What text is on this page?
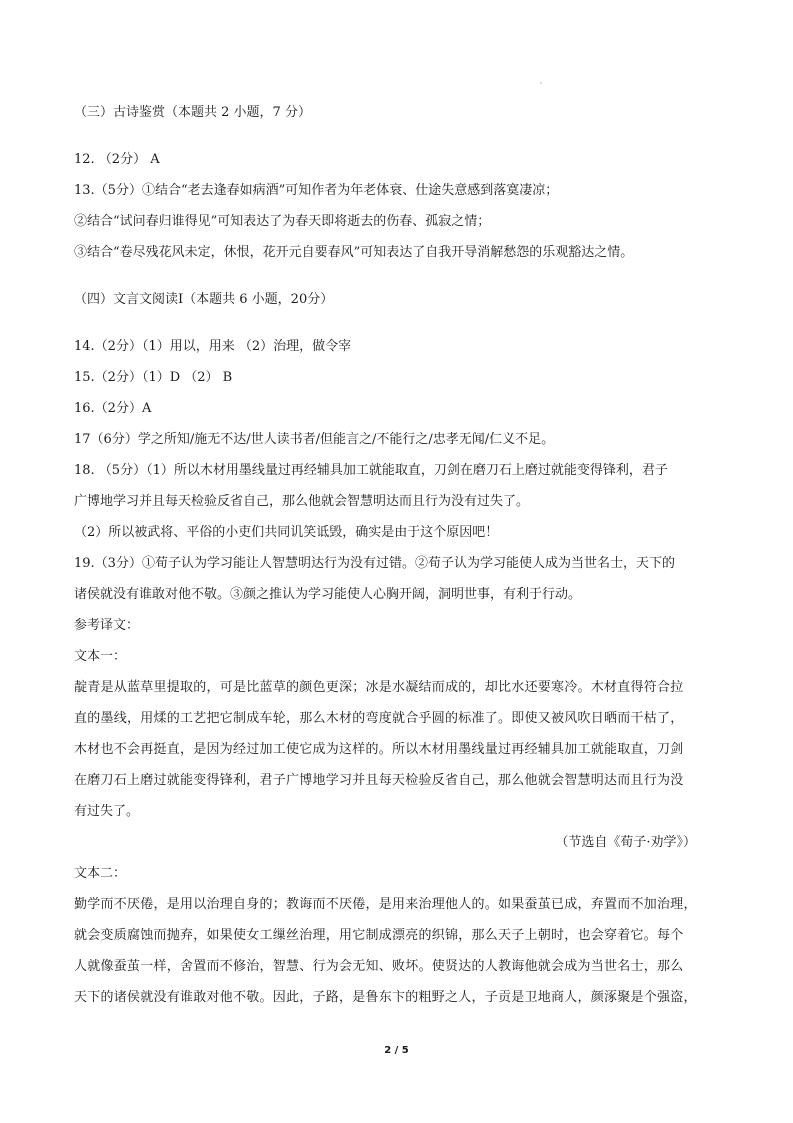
（三）古诗鉴赏（本题共 2 小题，7 分）
12. （2分） A
13.（5分）①结合“老去逢春如病酒”可知作者为年老体衰、仕途失意感到落寞凄凉；
②结合“试问春归谁得见”可知表达了为春天即将逝去的伤春、孤寂之情；
③结合“卷尽残花风未定，休恨，花开元自要春风”可知表达了自我开导消解愁怨的乐观豁达之情。
（四）文言文阅读Ⅰ（本题共 6 小题，20分）
14.（2分）（1）用以，用来 （2）治理，做令宰
15.（2分）（1）D （2） B
16.（2分）A
17（6分）学之所知/施无不达/世人读书者/但能言之/不能行之/忠孝无闻/仁义不足。
18. （5分）（1）所以木材用墨线量过再经辅具加工就能取直，刀剑在磨刀石上磨过就能变得锋利，君子
广博地学习并且每天检验反省自己，那么他就会智慧明达而且行为没有过失了。
（2）所以被武将、平俗的小吏们共同讥笑诋毁，确实是由于这个原因吧！
19.（3分）①荀子认为学习能让人智慧明达行为没有过错。②荀子认为学习能使人成为当世名士，天下的
诸侯就没有谁敢对他不敬。③颜之推认为学习能使人心胸开阔，洞明世事，有利于行动。
参考译文：
文本一：
靛青是从蓝草里提取的，可是比蓝草的颜色更深；冰是水凝结而成的，却比水还要寒冷。木材直得符合拉
直的墨线，用煣的工艺把它制成车轮，那么木材的弯度就合乎圆的标准了。即使又被风吹日晒而干枯了，
木材也不会再挺直，是因为经过加工使它成为这样的。所以木材用墨线量过再经辅具加工就能取直，刀剑
在磨刀石上磨过就能变得锋利，君子广博地学习并且每天检验反省自己，那么他就会智慧明达而且行为没
有过失了。
（节选自《荀子·劝学》）
文本二：
勤学而不厌倦，是用以治理自身的；教诲而不厌倦，是用来治理他人的。如果蚕茧已成，弃置而不加治理，
就会变质腐蚀而抛弃，如果使女工缫丝治理，用它制成漂亮的织锦，那么天子上朝时，也会穿着它。每个
人就像蚕茧一样，舍置而不修治，智慧、行为会无知、败坏。使贤达的人教诲他就会成为当世名士，那么
天下的诸侯就没有谁敢对他不敬。因此，子路，是鲁东卞的粗野之人，子贡是卫地商人，颜涿聚是个强盗，
2 / 5
